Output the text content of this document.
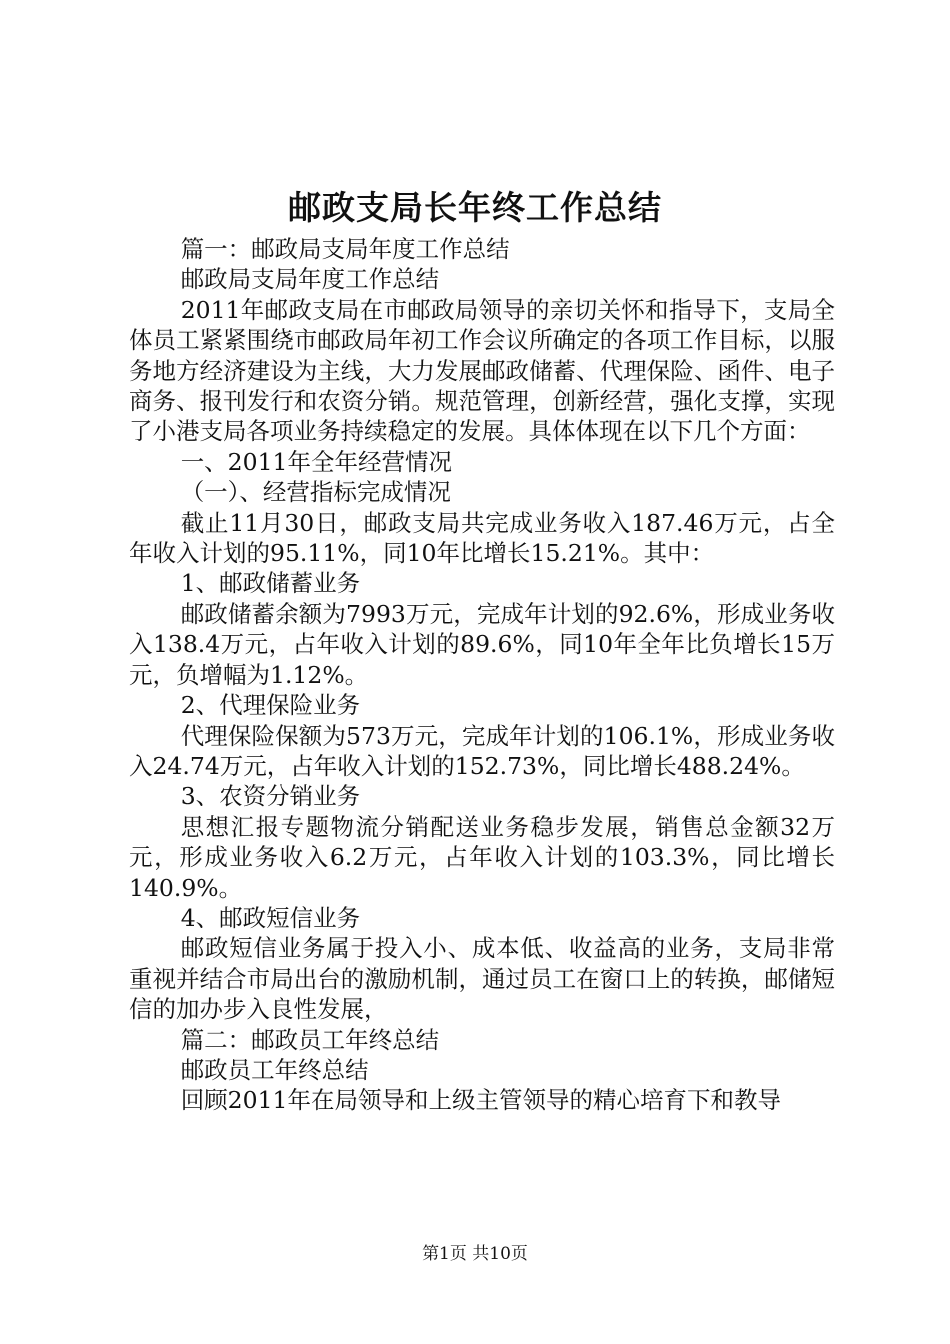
邮政支局长年终工作总结

篇一：邮政局支局年度工作总结

邮政局支局年度工作总结

2011年邮政支局在市邮政局领导的亲切关怀和指导下，支局全体员工紧紧围绕市邮政局年初工作会议所确定的各项工作目标，以服务地方经济建设为主线，大力发展邮政储蓄、代理保险、函件、电子商务、报刊发行和农资分销。规范管理，创新经营，强化支撑，实现了小港支局各项业务持续稳定的发展。具体体现在以下几个方面：

一、2011年全年经营情况

（一）、经营指标完成情况

截止11月30日，邮政支局共完成业务收入187.46万元，占全年收入计划的95.11%，同10年比增长15.21%。其中：

1、邮政储蓄业务

邮政储蓄余额为7993万元，完成年计划的92.6%，形成业务收入138.4万元，占年收入计划的89.6%，同10年全年比负增长15万元，负增幅为1.12%。

2、代理保险业务

代理保险保额为573万元，完成年计划的106.1%，形成业务收入24.74万元，占年收入计划的152.73%，同比增长488.24%。

3、农资分销业务

思想汇报专题物流分销配送业务稳步发展，销售总金额32万元，形成业务收入6.2万元，占年收入计划的103.3%，同比增长140.9%。

4、邮政短信业务

邮政短信业务属于投入小、成本低、收益高的业务，支局非常重视并结合市局出台的激励机制，通过员工在窗口上的转换，邮储短信的加办步入良性发展，

篇二：邮政员工年终总结

邮政员工年终总结

回顾2011年在局领导和上级主管领导的精心培育下和教导

第1页 共10页
